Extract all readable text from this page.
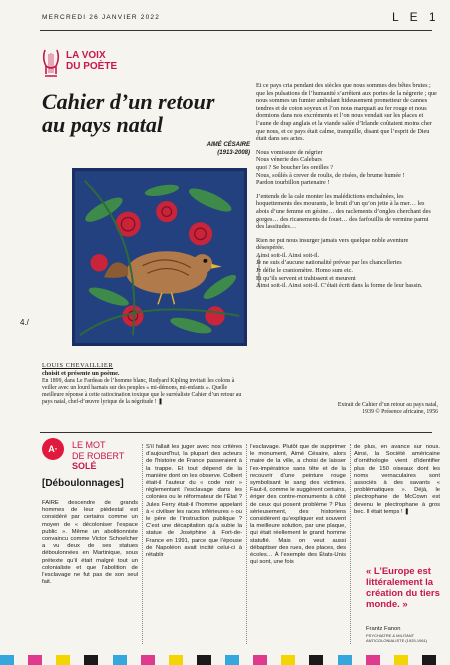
MERCREDI 26 JANVIER 2022	L E 1
LA VOIX
DU POÈTE
Cahier d’un retour
au pays natal
AIMÉ CÉSAIRE
(1913-2008)
Jonathan Bernard
4./

Et ce pays cria pendant des siècles que nous sommes des bêtes brutes ; que les pulsations de l’humanité s’arrêtent aux portes de la nègrerie ; que nous sommes un fumier ambulant hideusement prometteur de cannes tendres et de coton soyeux et l’on nous marquait au fer rouge et nous dormions dans nos excréments et l’on nous vendait sur les places et l’aune de drap anglais et la viande salée d’Irlande coûtaient moins cher que nous, et ce pays était calme, tranquille, disant que l’esprit de Dieu était dans ses actes.

Nous vomissure de négrier
Nous vénerie des Calebars
quoi ? Se boucher les oreilles ?
Nous, soûlés à crever de roulis, de risées, de brume humée !
Pardon tourbillon partenaire !

J’entends de la cale monter les malédictions enchaînées, les hoquettements des mourants, le bruit d’un qu’on jette à la mer… les abois d’une femme en gésine… des raclements d’ongles cherchant des gorges… des ricanements de fouet… des farfouillis de vermine parmi des lassitudes…

Rien ne put nous insurger jamais vers quelque noble aventure désespérée.
Ainsi soit-il. Ainsi soit-il.
Je ne suis d’aucune nationalité prévue par les chancelleries
Je défie le craniomètre. Homo sum etc.
Et qu’ils servent et trahissent et meurent
Ainsi soit-il. Ainsi soit-il. C’était écrit dans la forme de leur bassin.

Extrait de Cahier d’un retour au pays natal,
1939 © Présence africaine, 1956
LOUIS CHEVAILLIER
choisit et présente un poème.
En 1899, dans Le Fardeau de l’homme blanc, Rudyard Kipling invitait les colons à veiller avec un lourd harnais sur des peuples « mi-démons, mi-enfants ». Quelle meilleure réponse à cette ratiocination toxique que le surréaliste Cahier d’un retour au pays natal, chef-d’œuvre lyrique de la négritude ! ❚
A·	LE MOT
DE ROBERT
SOLÉ
[Déboulonnages]
FAIRE descendre de grands hommes de leur piédestal est considéré par certains comme un moyen de « décoloniser l’espace public ». Même un abolitionniste convaincu comme Victor Schoelcher a vu deux de ses statues déboulonnées en Martinique, sous prétexte qu’il était malgré tout un colonialiste et que l’abolition de l’esclavage ne fut pas de son seul fait.
S’il fallait les juger avec nos critères d’aujourd’hui, la plupart des acteurs de l’histoire de France passeraient à la trappe. Et tout dépend de la manière dont on les observe. Colbert était-il l’auteur du « code noir » réglementant l’esclavage dans les colonies ou le réformateur de l’État ? Jules Ferry était-il l’homme appelant à « civiliser les races inférieures » ou le père de l’instruction publique ? C’est une décapitation qu’a subie la statue de Joséphine à Fort-de-France en 1991, parce que l’épouse de Napoléon avait incité celui-ci à rétablir
l’esclavage. Plutôt que de supprimer le monument, Aimé Césaire, alors maire de la ville, a choisi de laisser l’ex-impératrice sans tête et de la recouvrir d’une peinture rouge symbolisant le sang des victimes. Faut-il, comme le suggèrent certains, ériger des contre-monuments à côté de ceux qui posent problème ? Plus sérieusement, des historiens considèrent qu’expliquer est souvent la meilleure solution, par une plaque, qui était réellement le grand homme statufié. Mais on veut aussi débaptiser des rues, des places, des écoles… À l’exemple des États-Unis qui sont, une fois
de plus, en avance sur nous. Ainsi, la Société américaine d’ornithologie vient d’identifier plus de 150 oiseaux dont les noms vernaculaires sont associés à des savants « problématiques ». Déjà, le plectrophane de McCown est devenu le plectrophane à gros bec. Il était temps ! ❚
« L’Europe est littéralement la création du tiers monde. »
Frantz Fanon
PSYCHIATRE & MILITANT ANTICOLONIALISTE (1925-1961)
